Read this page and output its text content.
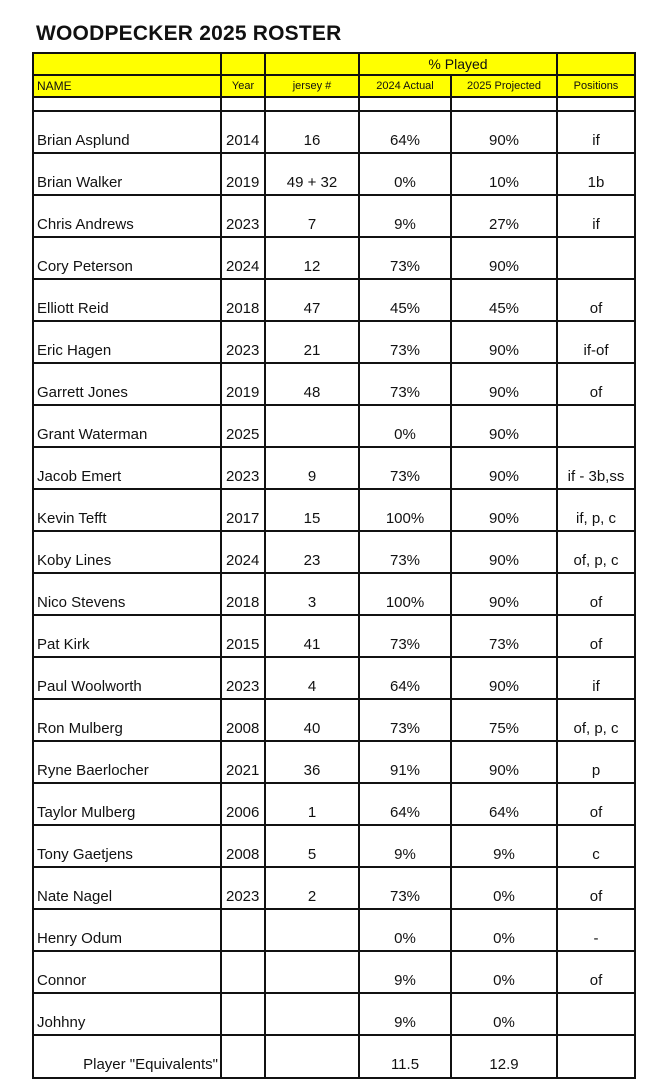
WOODPECKER 2025 ROSTER
			% Played		
NAME	Year	jersey #	2024 Actual	2025 Projected	Positions

Brian Asplund	2014	16	64%	90%	if
Brian Walker	2019	49 + 32	0%	10%	1b
Chris Andrews	2023	7	9%	27%	if
Cory Peterson	2024	12	73%	90%	
Elliott Reid	2018	47	45%	45%	of
Eric Hagen	2023	21	73%	90%	if-of
Garrett Jones	2019	48	73%	90%	of
Grant Waterman	2025		0%	90%	
Jacob Emert	2023	9	73%	90%	if - 3b,ss
Kevin Tefft	2017	15	100%	90%	if, p, c
Koby Lines	2024	23	73%	90%	of, p, c
Nico Stevens	2018	3	100%	90%	of
Pat Kirk	2015	41	73%	73%	of
Paul Woolworth	2023	4	64%	90%	if
Ron Mulberg	2008	40	73%	75%	of, p, c
Ryne Baerlocher	2021	36	91%	90%	p
Taylor Mulberg	2006	1	64%	64%	of
Tony Gaetjens	2008	5	9%	9%	c
Nate Nagel	2023	2	73%	0%	of
Henry Odum			0%	0%	-
Connor			9%	0%	of
Johhny			9%	0%	
Player "Equivalents"			11.5	12.9	
